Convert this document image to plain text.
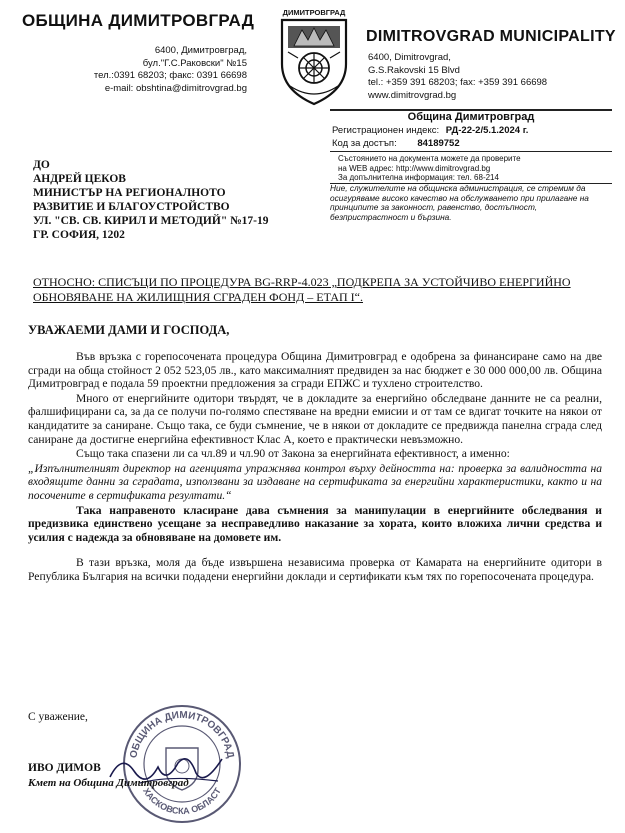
ОБЩИНА ДИМИТРОВГРАД
6400, Димитровград,
бул."Г.С.Раковски" №15
тел.:0391 68203; факс: 0391 66698
e-mail: obshtina@dimitrovgrad.bg
ДИМИТРОВГРАД
DIMITROVGRAD MUNICIPALITY
6400, Dimitrovgrad,
G.S.Rakovski 15 Blvd
tel.: +359 391 68203; fax: +359 391 66698
www.dimitrovgrad.bg
Община Димитровград
Регистрационен индекс: РД-22-2/5.1.2024 г.
Код за достъп: 84189752
Състоянието на документа можете да проверите
на WEB адрес: http://www.dimitrovgrad.bg
За допълнителна информация: тел. 68-214
Ние, служителите на общинска администрация, се стремим да осигуряваме високо качество на обслужването при прилагане на принципите за законност, равенство, достъпност, безпристрастност и бързина.
ДО
АНДРЕЙ ЦЕКОВ
МИНИСТЪР НА РЕГИОНАЛНОТО
РАЗВИТИЕ И БЛАГОУСТРОЙСТВО
УЛ. "СВ. СВ. КИРИЛ И МЕТОДИЙ" №17-19
ГР. СОФИЯ, 1202
ОТНОСНО: СПИСЪЦИ ПО ПРОЦЕДУРА BG-RRP-4.023 „ПОДКРЕПА ЗА УСТОЙЧИВО ЕНЕРГИЙНО ОБНОВЯВАНЕ НА ЖИЛИЩНИЯ СГРАДЕН ФОНД – ЕТАП I“.
УВАЖАЕМИ ДАМИ И ГОСПОДА,

Във връзка с горепосочената процедура Община Димитровград е одобрена за финансиране само на две сгради на обща стойност 2 052 523,05 лв., като максималният предвиден за нас бюджет е 30 000 000,00 лв. Община Димитровград е подала 59 проектни предложения за сгради ЕПЖС и тухлено строителство.

Много от енергийните одитори твърдят, че в докладите за енергийно обследване данните не са реални, фалшифицирани са, за да се получи по-голямо спестяване на вредни емисии и от там се вдигат точките на някои от кандидатите за саниране. Също така, се буди съмнение, че в някои от докладите се предвижда панелна сграда след саниране да достигне енергийна ефективност Клас А, което е практически невъзможно.

Също така спазени ли са чл.89 и чл.90 от Закона за енергийната ефективност, а именно:

„Изпълнителният директор на агенцията упражнява контрол върху дейността на: проверка за валидността на входящите данни за сградата, използвани за издаване на сертификата за енергийни характеристики, както и на посочените в сертификата резултати.“

Така направеното класиране дава съмнения за манипулации в енергийните обследвания и предизвика единствено усещане за несправедливо наказание за хората, които вложиха лични средства и усилия с надежда за обновяване на домовете им.

В тази връзка, моля да бъде извършена независима проверка от Камарата на енергийните одитори в Република България на всички подадени енергийни доклади и сертификати към тях по горепосочената процедура.

С уважение,
ОБЩИНА ДИМИТРОВГРАД
ХАСКОВСКА ОБЛАСТ
ИВО ДИМОВ
Кмет на Община Димитровград
